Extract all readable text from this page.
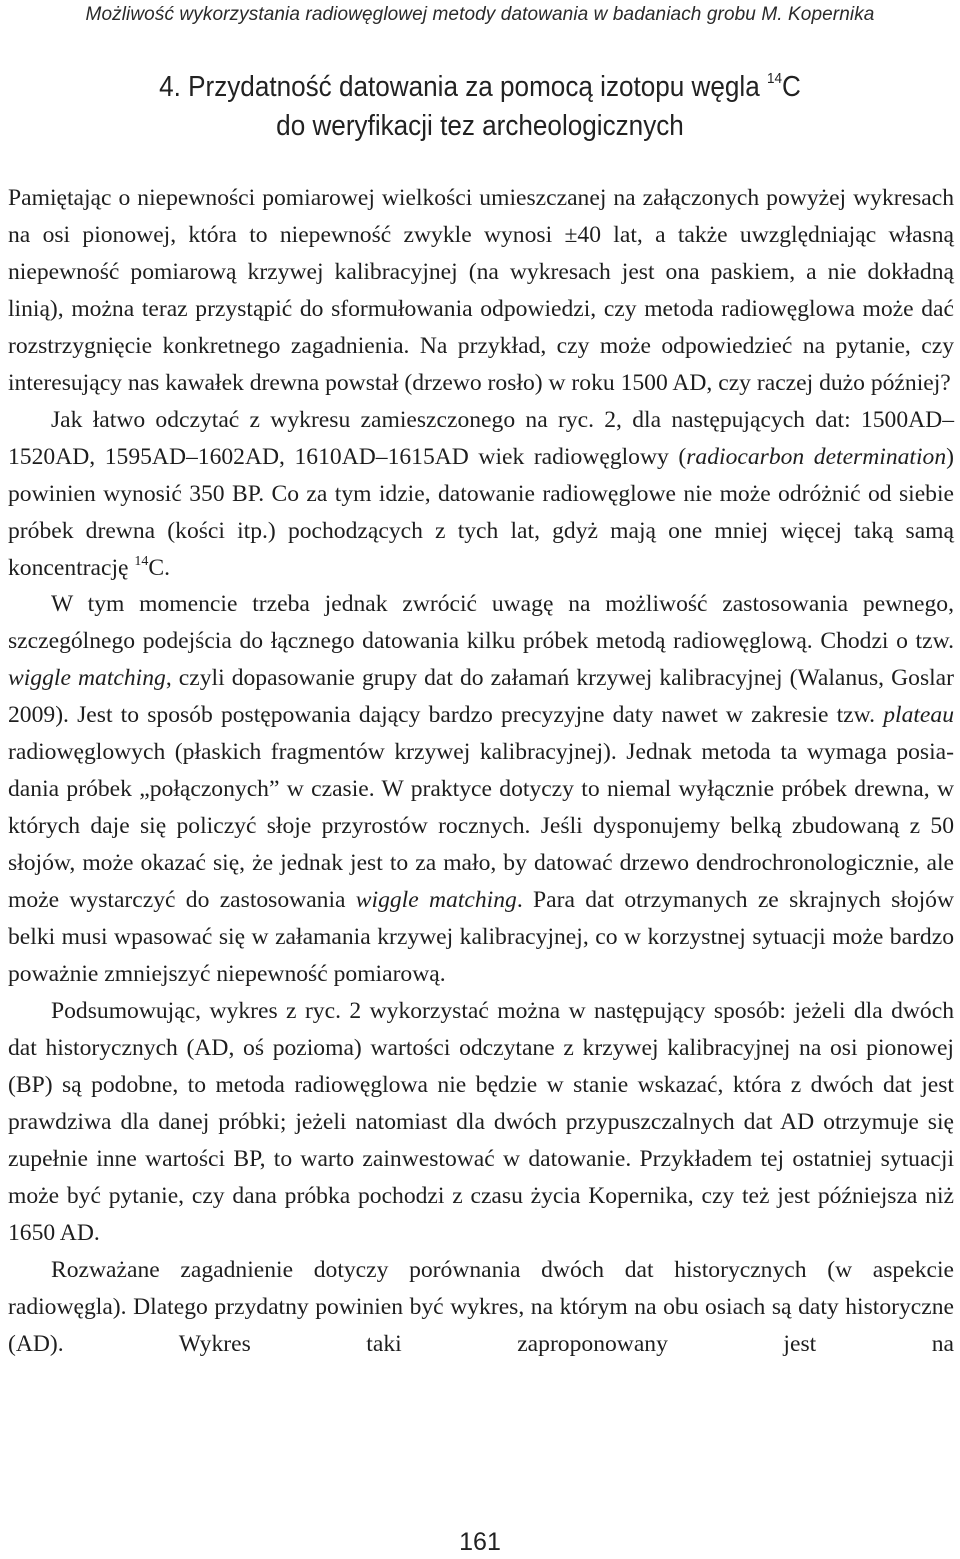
Możliwość wykorzystania radiowęglowej metody datowania w badaniach grobu M. Kopernika
4. Przydatność datowania za pomocą izotopu węgla $^{14}$C
do weryfikacji tez archeologicznych

Pamiętając o niepewności pomiarowej wielkości umieszczanej na załączonych powyżej wykresach na osi pionowej, która to niepewność zwykle wynosi ±40 lat, a także uwzględniając własną niepewność pomiarową krzywej kalibracyjnej (na wykresach jest ona paskiem, a nie dokładną linią), można teraz przystąpić do sformułowania odpowiedzi, czy metoda radiowęglowa może dać rozstrzygnięcie konkretnego zagadnienia. Na przykład, czy może odpowiedzieć na pytanie, czy interesujący nas kawałek drewna powstał (drzewo rosło) w roku 1500 AD, czy raczej dużo później?

Jak łatwo odczytać z wykresu zamieszczonego na ryc. 2, dla następujących dat: 1500AD–1520AD, 1595AD–1602AD, 1610AD–1615AD wiek radiowęglowy (radiocarbon determination) powinien wynosić 350 BP. Co za tym idzie, datowanie radiowęglowe nie może odróżnić od siebie próbek drewna (kości itp.) pochodzących z tych lat, gdyż mają one mniej więcej taką samą koncentrację $^{14}$C.

W tym momencie trzeba jednak zwrócić uwagę na możliwość zastosowania pewnego, szczególnego podejścia do łącznego datowania kilku próbek metodą radiowęglową. Chodzi o tzw. wiggle matching, czyli dopasowanie grupy dat do załamań krzywej kalibracyjnej (Walanus, Goslar 2009). Jest to sposób postępowania dający bardzo precyzyjne daty nawet w zakresie tzw. plateau radiowęglowych (płaskich fragmentów krzywej kalibracyjnej). Jednak metoda ta wymaga posiadania próbek „połączonych” w czasie. W praktyce dotyczy to niemal wyłącznie próbek drewna, w których daje się policzyć słoje przyrostów rocznych. Jeśli dysponujemy belką zbudowaną z 50 słojów, może okazać się, że jednak jest to za mało, by datować drzewo dendrochronologicznie, ale może wystarczyć do zastosowania wiggle matching. Para dat otrzymanych ze skrajnych słojów belki musi wpasować się w załamania krzywej kalibracyjnej, co w korzystnej sytuacji może bardzo poważnie zmniejszyć niepewność pomiarową.

Podsumowując, wykres z ryc. 2 wykorzystać można w następujący sposób: jeżeli dla dwóch dat historycznych (AD, oś pozioma) wartości odczytane z krzywej kalibracyjnej na osi pionowej (BP) są podobne, to metoda radiowęglowa nie będzie w stanie wskazać, która z dwóch dat jest prawdziwa dla danej próbki; jeżeli natomiast dla dwóch przypuszczalnych dat AD otrzymuje się zupełnie inne wartości BP, to warto zainwestować w datowanie. Przykładem tej ostatniej sytuacji może być pytanie, czy dana próbka pochodzi z czasu życia Kopernika, czy też jest późniejsza niż 1650 AD.

Rozważane zagadnienie dotyczy porównania dwóch dat historycznych (w aspekcie radiowęgla). Dlatego przydatny powinien być wykres, na którym na obu osiach są daty historyczne (AD). Wykres taki zaproponowany jest na

161
